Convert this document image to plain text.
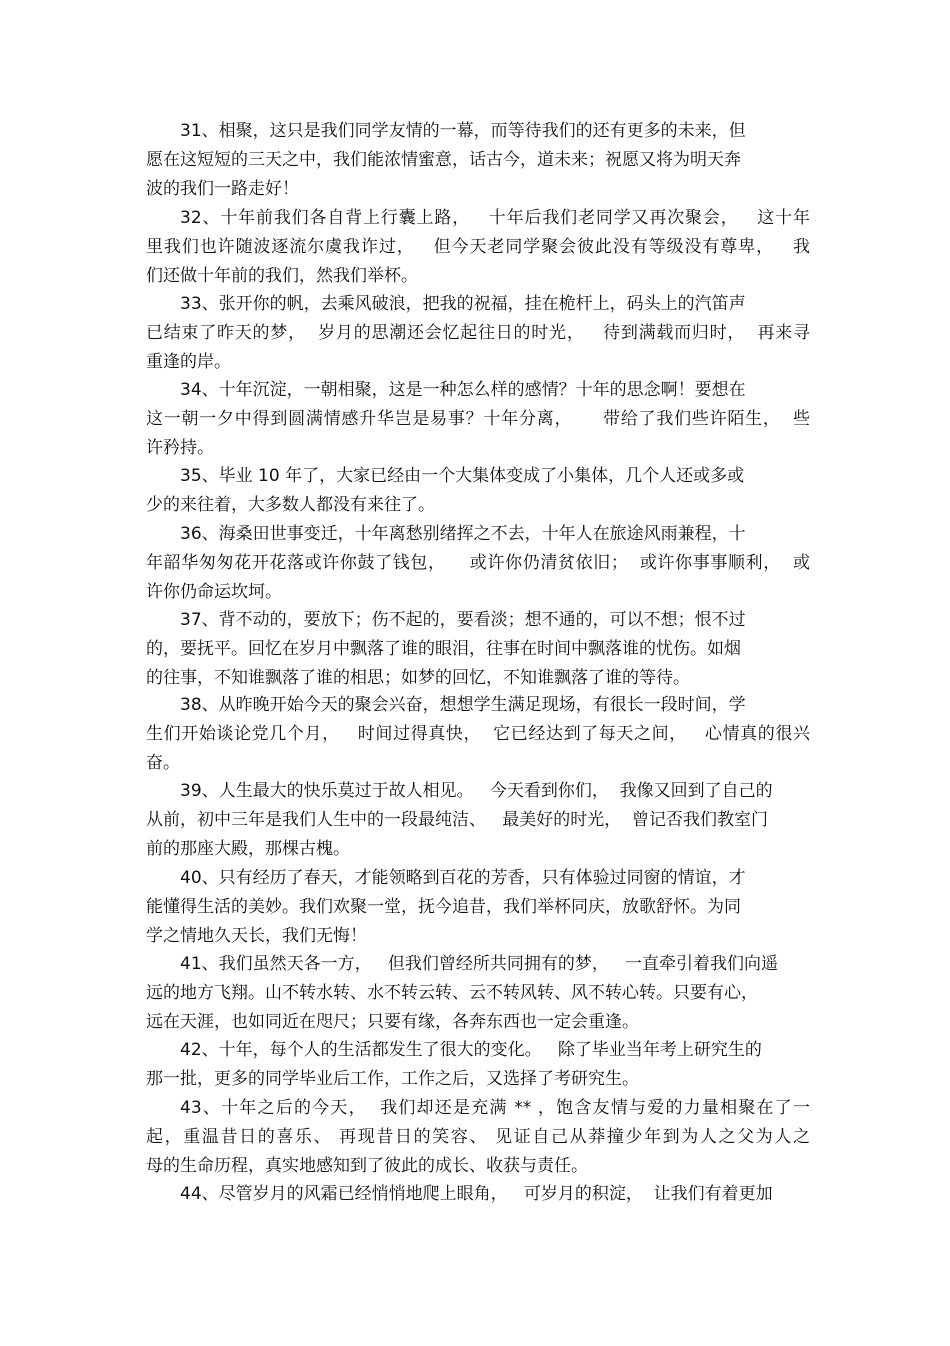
31、相聚，这只是我们同学友情的一幕，而等待我们的还有更多的未来，但
愿在这短短的三天之中，我们能浓情蜜意，话古今，道未来；祝愿又将为明天奔
波的我们一路走好！
32、十年前我们各自背上行囊上路，   十年后我们老同学又再次聚会，   这十年
里我们也许随波逐流尔虞我诈过，   但今天老同学聚会彼此没有等级没有尊卑，   我
们还做十年前的我们，然我们举杯。
33、张开你的帆，去乘风破浪，把我的祝福，挂在桅杆上，码头上的汽笛声
已结束了昨天的梦，  岁月的思潮还会忆起往日的时光，   待到满载而归时，  再来寻
重逢的岸。
34、十年沉淀，一朝相聚，这是一种怎么样的感情？十年的思念啊！要想在
这一朝一夕中得到圆满情感升华岂是易事？十年分离，     带给了我们些许陌生，  些
许矜持。
35、毕业 10 年了，大家已经由一个大集体变成了小集体，几个人还或多或
少的来往着，大多数人都没有来往了。
36、海桑田世事变迁，十年离愁别绪挥之不去，十年人在旅途风雨兼程，十
年韶华匆匆花开花落或许你鼓了钱包，    或许你仍清贫依旧；  或许你事事顺利，  或
许你仍命运坎坷。
37、背不动的，要放下；伤不起的，要看淡；想不通的，可以不想；恨不过
的，要抚平。回忆在岁月中飘落了谁的眼泪，往事在时间中飘落谁的忧伤。如烟
的往事，不知谁飘落了谁的相思；如梦的回忆，不知谁飘落了谁的等待。
38、从昨晚开始今天的聚会兴奋，想想学生满足现场，有很长一段时间，学
生们开始谈论党几个月，   时间过得真快，  它已经达到了每天之间，   心情真的很兴
奋。
39、人生最大的快乐莫过于故人相见。   今天看到你们，  我像又回到了自己的
从前，初中三年是我们人生中的一段最纯洁、   最美好的时光，  曾记否我们教室门
前的那座大殿，那棵古槐。
40、只有经历了春天，才能领略到百花的芳香，只有体验过同窗的情谊，才
能懂得生活的美妙。我们欢聚一堂，抚今追昔，我们举杯同庆，放歌舒怀。为同
学之情地久天长，我们无悔！
41、我们虽然天各一方，   但我们曾经所共同拥有的梦，   一直牵引着我们向遥
远的地方飞翔。山不转水转、水不转云转、云不转风转、风不转心转。只要有心，
远在天涯，也如同近在咫尺；只要有缘，各奔东西也一定会重逢。
42、十年，每个人的生活都发生了很大的变化。   除了毕业当年考上研究生的
那一批，更多的同学毕业后工作，工作之后，又选择了考研究生。
43、十年之后的今天，  我们却还是充满 ** ，饱含友情与爱的力量相聚在了一
起，重温昔日的喜乐、 再现昔日的笑容、 见证自己从莽撞少年到为人之父为人之
母的生命历程，真实地感知到了彼此的成长、收获与责任。
44、尽管岁月的风霜已经悄悄地爬上眼角，   可岁月的积淀，  让我们有着更加
